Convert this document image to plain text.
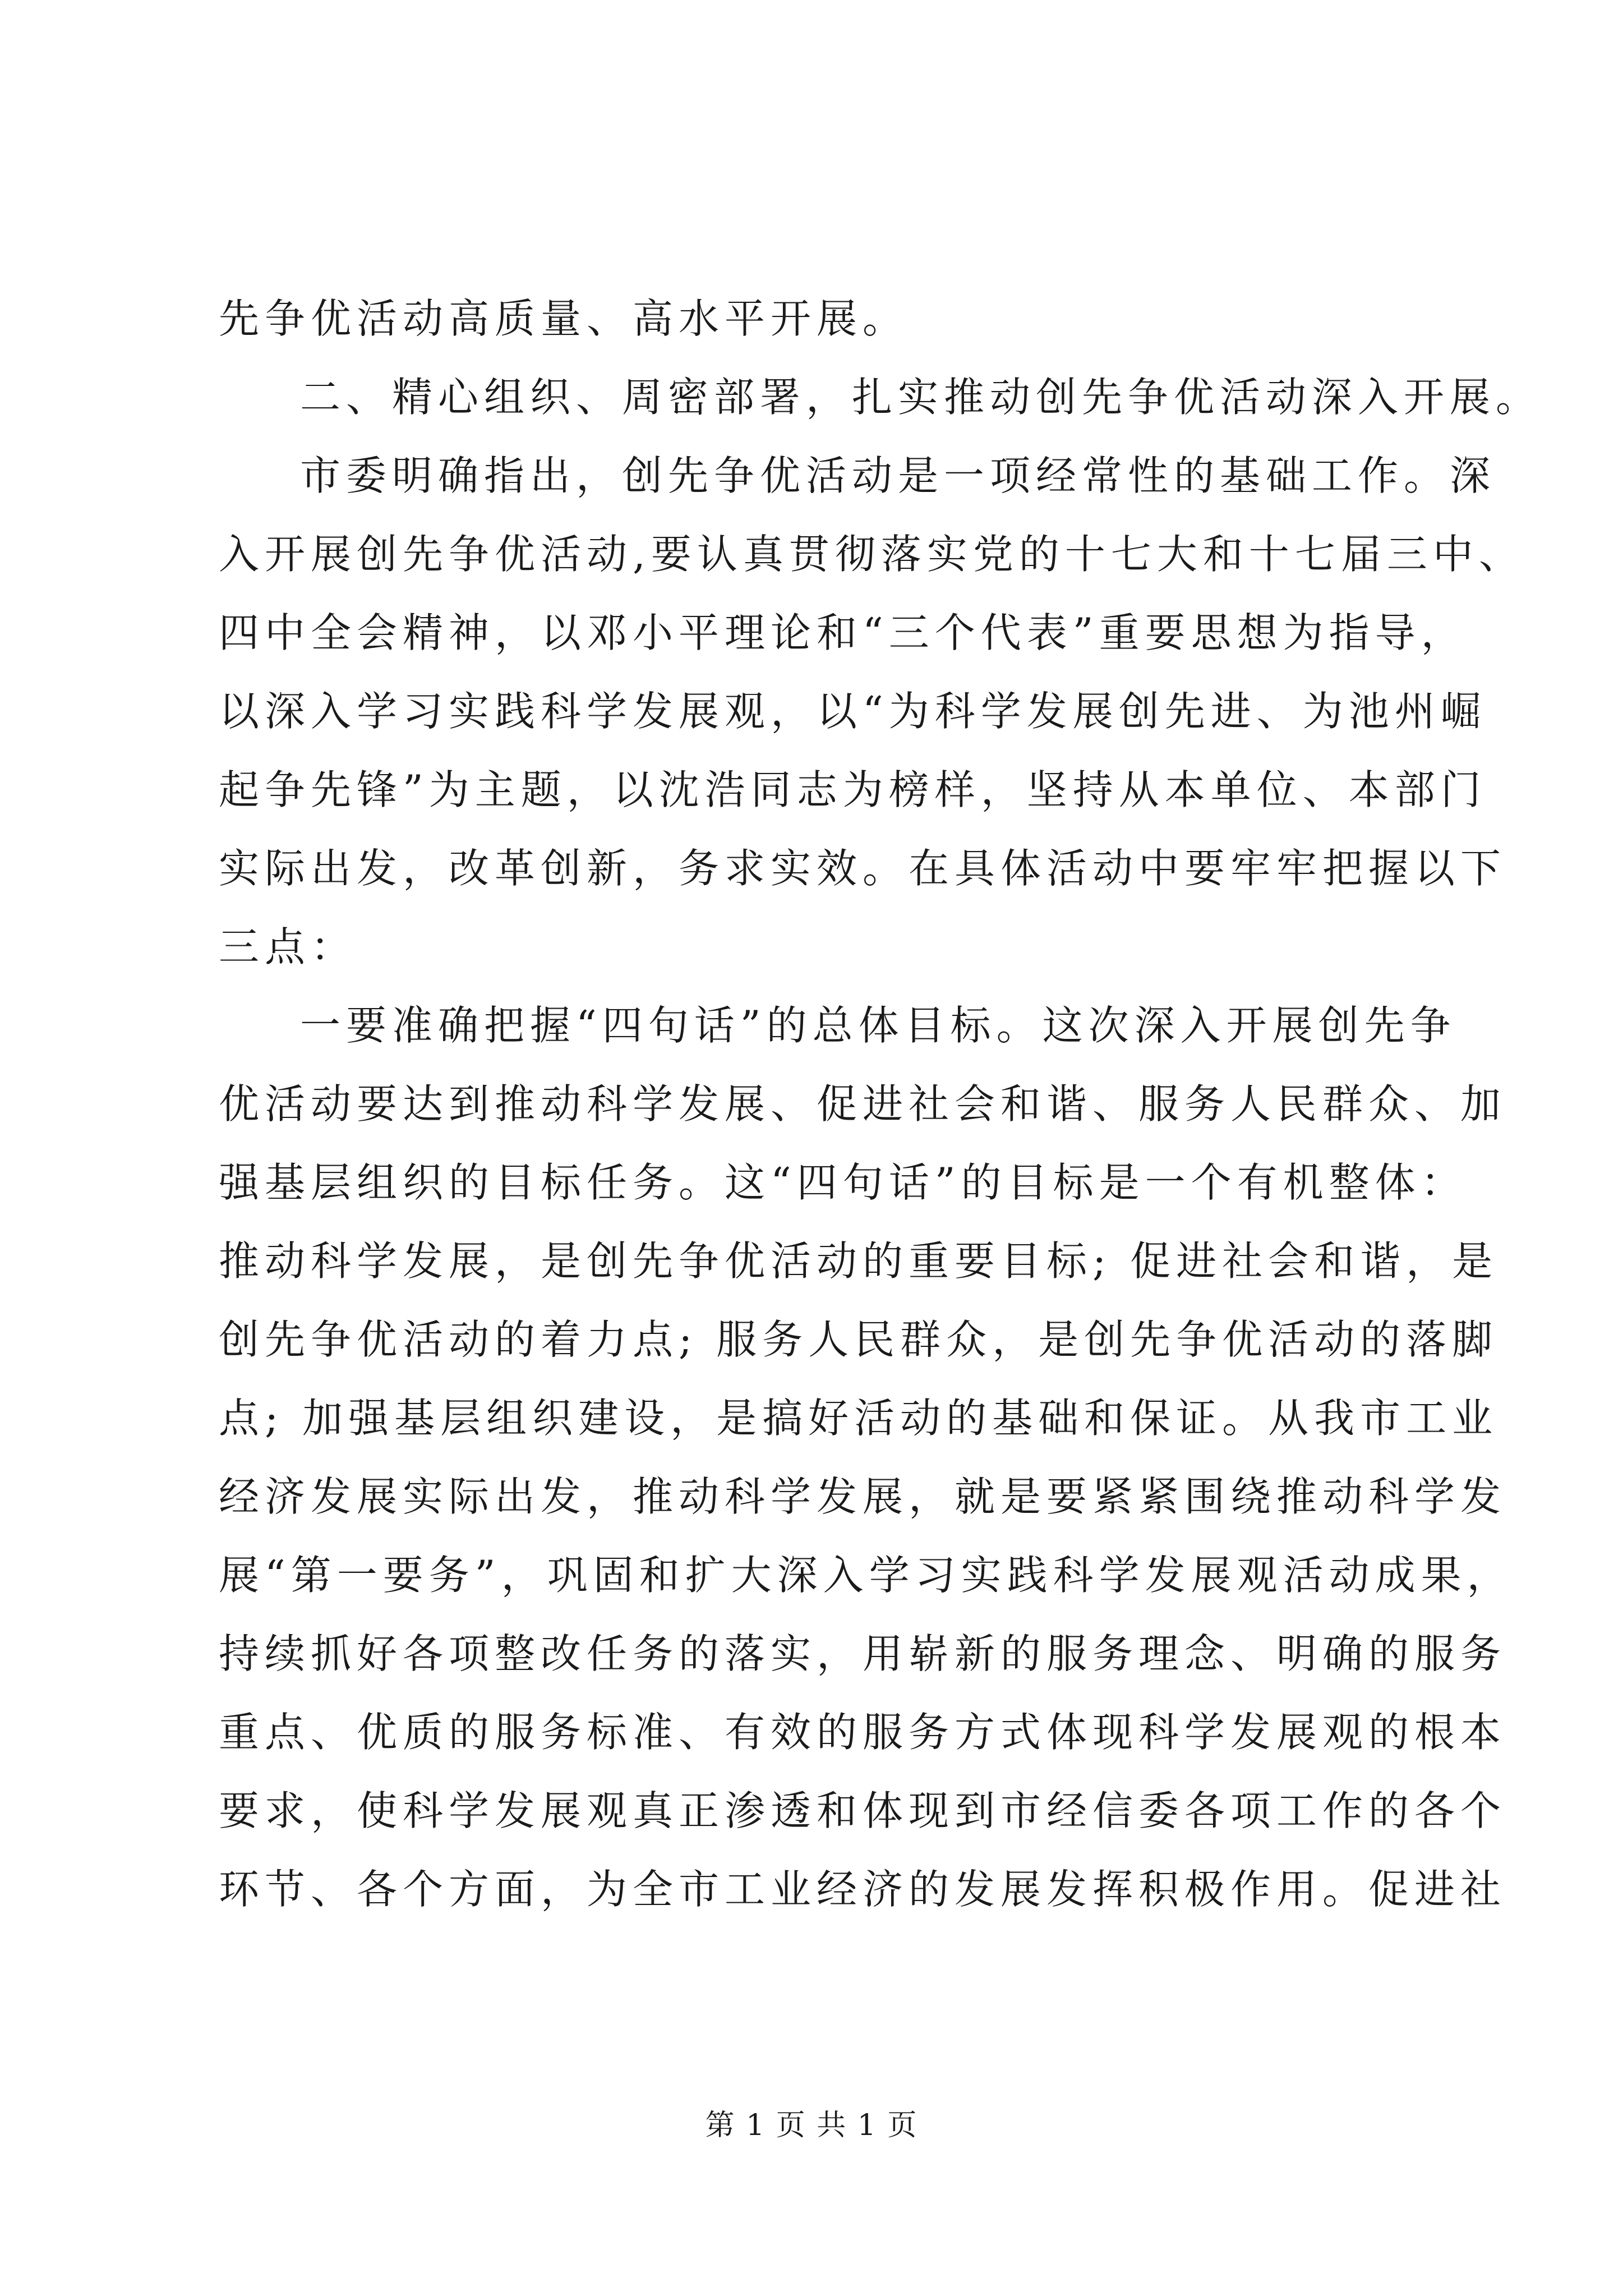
先争优活动高质量、高水平开展。
二、精心组织、周密部署，扎实推动创先争优活动深入开展。
市委明确指出，创先争优活动是一项经常性的基础工作。深
入开展创先争优活动,要认真贯彻落实党的十七大和十七届三中、
四中全会精神，以邓小平理论和“三个代表”重要思想为指导，
以深入学习实践科学发展观，以“为科学发展创先进、为池州崛
起争先锋”为主题，以沈浩同志为榜样，坚持从本单位、本部门
实际出发，改革创新，务求实效。在具体活动中要牢牢把握以下
三点：
一要准确把握“四句话”的总体目标。这次深入开展创先争
优活动要达到推动科学发展、促进社会和谐、服务人民群众、加
强基层组织的目标任务。这“四句话”的目标是一个有机整体：
推动科学发展，是创先争优活动的重要目标; 促进社会和谐，是
创先争优活动的着力点; 服务人民群众，是创先争优活动的落脚
点; 加强基层组织建设，是搞好活动的基础和保证。从我市工业
经济发展实际出发，推动科学发展，就是要紧紧围绕推动科学发
展“第一要务”，巩固和扩大深入学习实践科学发展观活动成果，
持续抓好各项整改任务的落实，用崭新的服务理念、明确的服务
重点、优质的服务标准、有效的服务方式体现科学发展观的根本
要求，使科学发展观真正渗透和体现到市经信委各项工作的各个
环节、各个方面，为全市工业经济的发展发挥积极作用。促进社
第 1 页 共 1 页
